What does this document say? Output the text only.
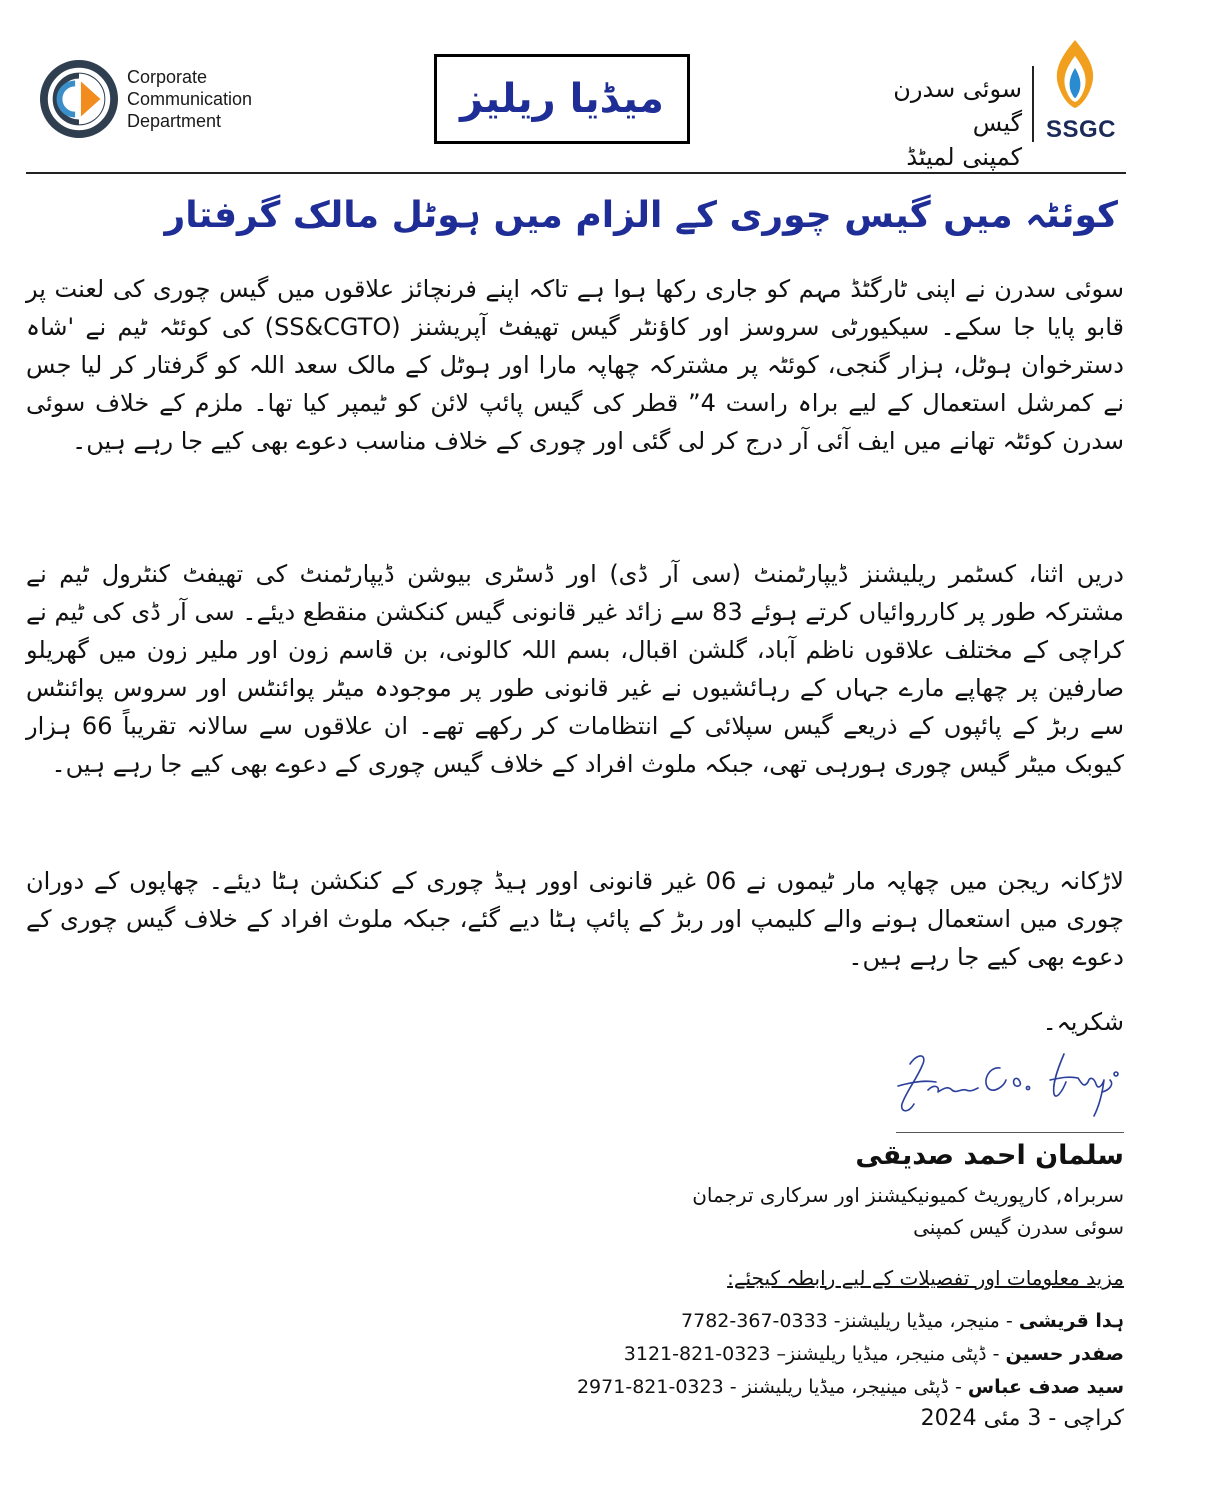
Corporate
Communication
Department	میڈیا ریلیز	سوئی سدرن گیس
کمپنی لمیٹڈ
SSGC
کوئٹہ میں گیس چوری کے الزام میں ہوٹل مالک گرفتار
سوئی سدرن نے اپنی ٹارگٹڈ مہم کو جاری رکھا ہوا ہے تاکہ اپنے فرنچائز علاقوں میں گیس چوری کی لعنت پر قابو پایا جا سکے۔ سیکیورٹی سروسز اور کاؤنٹر گیس تھیفٹ آپریشنز (SS&CGTO) کی کوئٹہ ٹیم نے 'شاہ دسترخوان ہوٹل، ہزار گنجی، کوئٹہ پر مشترکہ چھاپہ مارا اور ہوٹل کے مالک سعد اللہ کو گرفتار کر لیا جس نے کمرشل استعمال کے لیے براہ راست 4” قطر کی گیس پائپ لائن کو ٹیمپر کیا تھا۔ ملزم کے خلاف سوئی سدرن کوئٹہ تھانے میں ایف آئی آر درج کر لی گئی اور چوری کے خلاف مناسب دعوے بھی کیے جا رہے ہیں۔
دریں اثنا، کسٹمر ریلیشنز ڈیپارٹمنٹ (سی آر ڈی) اور ڈسٹری بیوشن ڈیپارٹمنٹ کی تھیفٹ کنٹرول ٹیم نے مشترکہ طور پر کارروائیاں کرتے ہوئے 83 سے زائد غیر قانونی گیس کنکشن منقطع دیئے۔ سی آر ڈی کی ٹیم نے کراچی کے مختلف علاقوں ناظم آباد، گلشن اقبال، بسم اللہ کالونی، بن قاسم زون اور ملیر زون میں گھریلو صارفین پر چھاپے مارے جہاں کے رہائشیوں نے غیر قانونی طور پر موجودہ میٹر پوائنٹس اور سروس پوائنٹس سے ربڑ کے پائپوں کے ذریعے گیس سپلائی کے انتظامات کر رکھے تھے۔ ان علاقوں سے سالانہ تقریباً 66 ہزار کیوبک میٹر گیس چوری ہورہی تھی، جبکہ ملوث افراد کے خلاف گیس چوری کے دعوے بھی کیے جا رہے ہیں۔
لاڑکانہ ریجن میں چھاپہ مار ٹیموں نے 06 غیر قانونی اوور ہیڈ چوری کے کنکشن ہٹا دیئے۔ چھاپوں کے دوران چوری میں استعمال ہونے والے کلیمپ اور ربڑ کے پائپ ہٹا دیے گئے، جبکہ ملوث افراد کے خلاف گیس چوری کے دعوے بھی کیے جا رہے ہیں۔
شکریہ۔
سلمان احمد صدیقی
سربراہ, کارپوریٹ کمیونیکیشنز اور سرکاری ترجمان
سوئی سدرن گیس کمپنی
مزید معلومات اور تفصیلات کے لیے رابطہ کیجئے:
ہدا قریشی - منیجر، میڈیا ریلیشنز- 0333-367-7782
صفدر حسین - ڈپٹی منیجر، میڈیا ریلیشنز– 0323-821-3121
سید صدف عباس - ڈپٹی مینیجر، میڈیا ریلیشنز - 0323-821-2971
کراچی - 3 مئی 2024
